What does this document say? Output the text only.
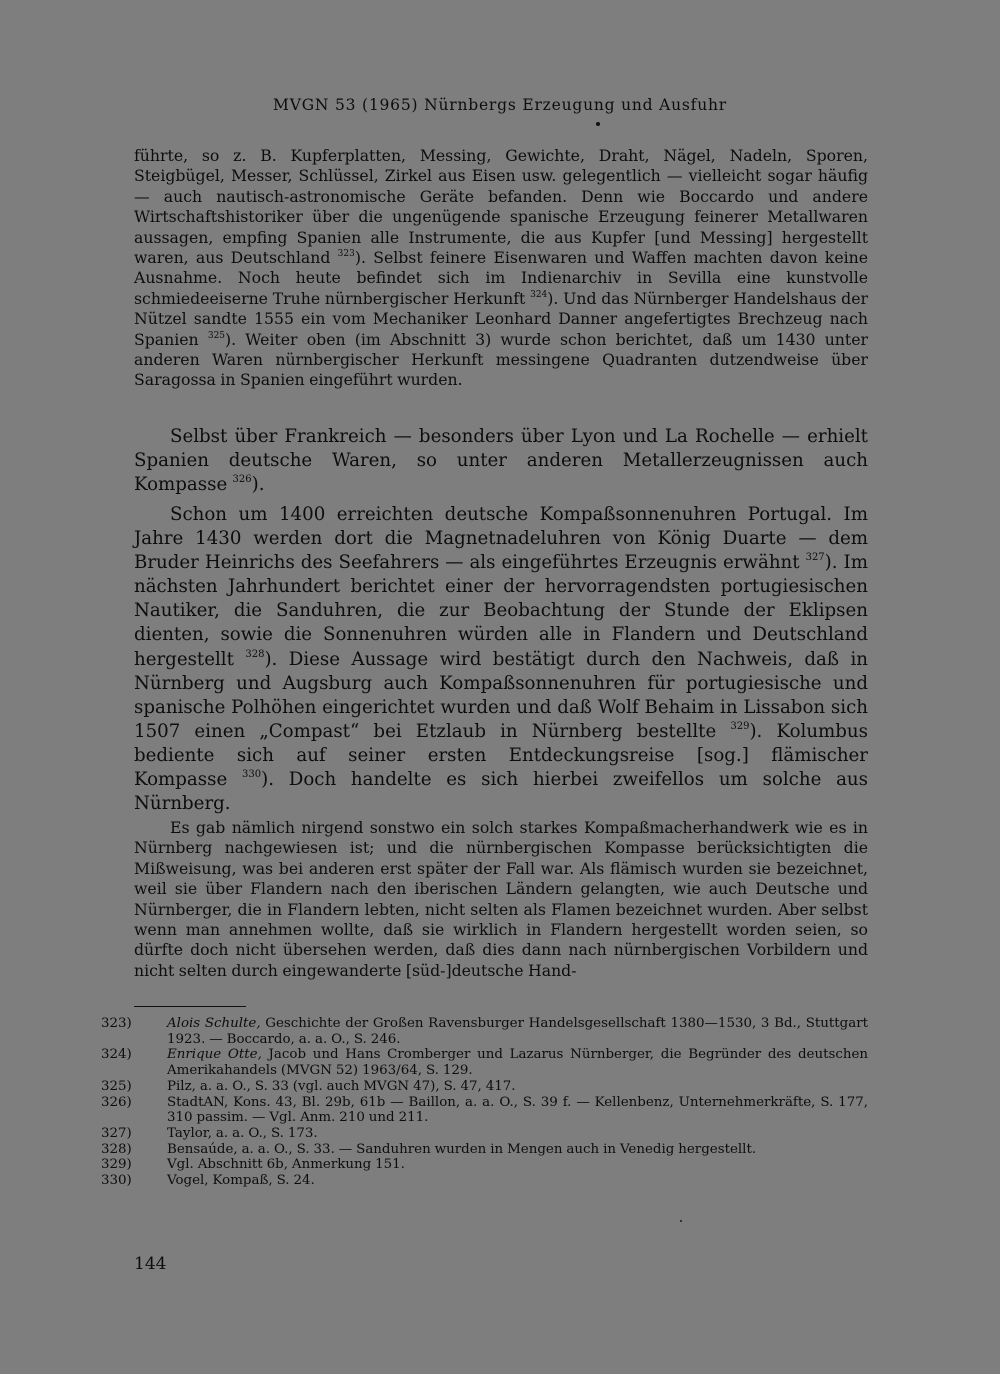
MVGN 53 (1965) Nürnbergs Erzeugung und Ausfuhr
führte, so z. B. Kupferplatten, Messing, Gewichte, Draht, Nägel, Nadeln, Sporen, Steigbügel, Messer, Schlüssel, Zirkel aus Eisen usw. gelegentlich — vielleicht sogar häufig — auch nautisch-astronomische Geräte befanden. Denn wie Boccardo und andere Wirtschaftshistoriker über die ungenügende spanische Erzeugung feinerer Metallwaren aussagen, empfing Spanien alle Instrumente, die aus Kupfer [und Messing] hergestellt waren, aus Deutschland $^{323}$). Selbst feinere Eisenwaren und Waffen machten davon keine Ausnahme. Noch heute befindet sich im Indienarchiv in Sevilla eine kunstvolle schmiedeeiserne Truhe nürnbergischer Herkunft $^{324}$). Und das Nürnberger Handelshaus der Nützel sandte 1555 ein vom Mechaniker Leonhard Danner angefertigtes Brechzeug nach Spanien $^{325}$). Weiter oben (im Abschnitt 3) wurde schon berichtet, daß um 1430 unter anderen Waren nürnbergischer Herkunft messingene Quadranten dutzendweise über Saragossa in Spanien eingeführt wurden.
Selbst über Frankreich — besonders über Lyon und La Rochelle — erhielt Spanien deutsche Waren, so unter anderen Metallerzeugnissen auch Kompasse $^{326}$).
Schon um 1400 erreichten deutsche Kompaßsonnenuhren Portugal. Im Jahre 1430 werden dort die Magnetnadeluhren von König Duarte — dem Bruder Heinrichs des Seefahrers — als eingeführtes Erzeugnis erwähnt $^{327}$). Im nächsten Jahrhundert berichtet einer der hervorragendsten portugiesischen Nautiker, die Sanduhren, die zur Beobachtung der Stunde der Eklipsen dienten, sowie die Sonnenuhren würden alle in Flandern und Deutschland hergestellt $^{328}$). Diese Aussage wird bestätigt durch den Nachweis, daß in Nürnberg und Augsburg auch Kompaßsonnenuhren für portugiesische und spanische Polhöhen eingerichtet wurden und daß Wolf Behaim in Lissabon sich 1507 einen „Compast“ bei Etzlaub in Nürnberg bestellte $^{329}$). Kolumbus bediente sich auf seiner ersten Entdeckungsreise [sog.] flämischer Kompasse $^{330}$). Doch handelte es sich hierbei zweifellos um solche aus Nürnberg.
Es gab nämlich nirgend sonstwo ein solch starkes Kompaßmacherhandwerk wie es in Nürnberg nachgewiesen ist; und die nürnbergischen Kompasse berücksichtigten die Mißweisung, was bei anderen erst später der Fall war. Als flämisch wurden sie bezeichnet, weil sie über Flandern nach den iberischen Ländern gelangten, wie auch Deutsche und Nürnberger, die in Flandern lebten, nicht selten als Flamen bezeichnet wurden. Aber selbst wenn man annehmen wollte, daß sie wirklich in Flandern hergestellt worden seien, so dürfte doch nicht übersehen werden, daß dies dann nach nürnbergischen Vorbildern und nicht selten durch eingewanderte [süd-]deutsche Hand-
323)	Alois Schulte, Geschichte der Großen Ravensburger Handelsgesellschaft 1380—1530, 3 Bd., Stuttgart 1923. — Boccardo, a. a. O., S. 246.
324)	Enrique Otte, Jacob und Hans Cromberger und Lazarus Nürnberger, die Begründer des deutschen Amerikahandels (MVGN 52) 1963/64, S. 129.
325)	Pilz, a. a. O., S. 33 (vgl. auch MVGN 47), S. 47, 417.
326)	StadtAN, Kons. 43, Bl. 29b, 61b — Baillon, a. a. O., S. 39 f. — Kellenbenz, Unternehmerkräfte, S. 177, 310 passim. — Vgl. Anm. 210 und 211.
327)	Taylor, a. a. O., S. 173.
328)	Bensaúde, a. a. O., S. 33. — Sanduhren wurden in Mengen auch in Venedig hergestellt.
329)	Vgl. Abschnitt 6b, Anmerkung 151.
330)	Vogel, Kompaß, S. 24.
144
